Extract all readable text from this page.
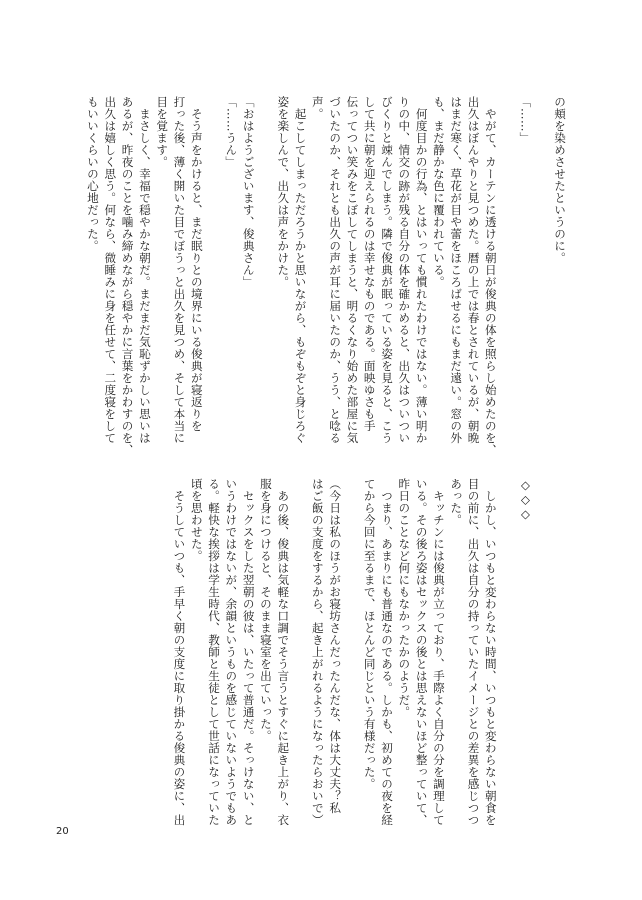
の頬を染めさせたというのに。

「……」

　やがて、カーテンに透ける朝日が俊典の体を照らし始めたのを、

出久はぼんやりと見つめた。暦の上では春とされているが、朝晩

はまだ寒く、草花が目や蕾をほころばせるにもまだ遠い。窓の外

も、まだ静かな色に覆われている。

　何度目かの行為、とはいっても慣れたわけではない。薄い明か

りの中、情交の跡が残る自分の体を確かめると、出久はついつい

びくりと竦んでしまう。隣で俊典が眠っている姿を見ると、こう

して共に朝を迎えられるのは幸せなものである。面映ゆさも手

伝ってつい笑みをこぼしてしまうと、明るくなり始めた部屋に気

づいたのか、それとも出久の声が耳に届いたのか、うう、と唸る

声。

　起こしてしまっただろうかと思いながら、もぞもぞと身じろぐ

姿を楽しんで、出久は声をかけた。

「おはようございます、俊典さん」

「……うん」

　そう声をかけると、まだ眠りとの境界にいる俊典が寝返りを

打った後、薄く開いた目でぼうっと出久を見つめ、そして本当に

目を覚ます。

　まさしく、幸福で穏やかな朝だ。まだまだ気恥ずかしい思いは

あるが、昨夜のことを噛み締めながら穏やかに言葉をかわすのを、

出久は嬉しく思う。何なら、微睡みに身を任せて、二度寝をして

もいいくらいの心地だった。

◇◇◇

　しかし、いつもと変わらない時間、いつもと変わらない朝食を

目の前に、出久は自分の持っていたイメージとの差異を感じつつ

あった。

　キッチンには俊典が立っており、手際よく自分の分を調理して

いる。その後ろ姿はセックスの後とは思えないほど整っていて、

昨日のことなど何にもなかったかのようだ。

　つまり、あまりにも普通なのである。しかも、初めての夜を経

てから今回に至るまで、ほとんど同じという有様だった。

（今日は私のほうがお寝坊さんだったんだな、体は大丈夫？私

はご飯の支度をするから、起き上がれるようになったらおいで）

　あの後、俊典は気軽な口調でそう言うとすぐに起き上がり、衣

服を身につけると、そのまま寝室を出ていった。

　セックスをした翌朝の彼は、いたって普通だ。そっけない、と

いうわけではないが、余韻というものを感じていないようでもあ

る。軽快な挨拶は学生時代、教師と生徒として世話になっていた

頃を思わせた。

　そうしていつも、手早く朝の支度に取り掛かる俊典の姿に、出

20
